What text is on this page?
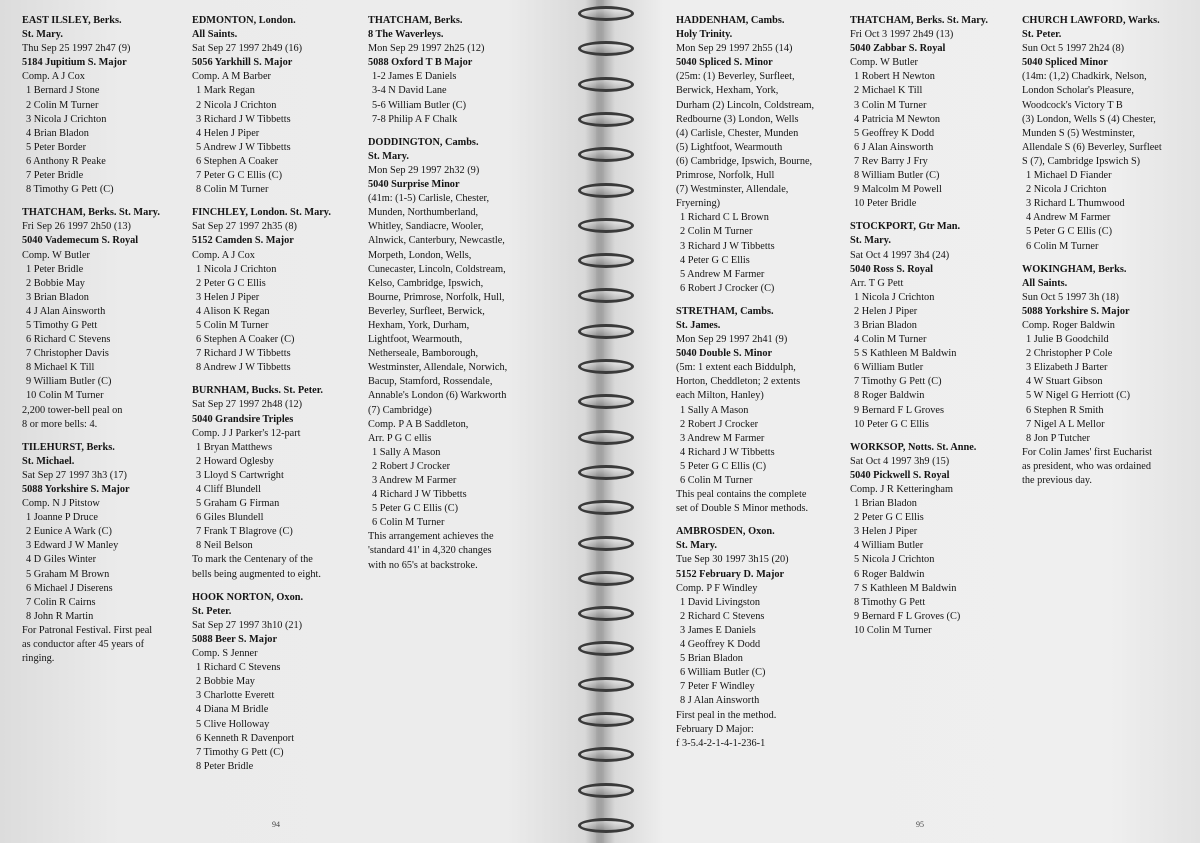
EAST ILSLEY, Berks.
St. Mary.
Thu Sep 25 1997 2h47 (9)
5184 Jupitium S. Major
Comp. A J Cox
1 Bernard J Stone
2 Colin M Turner
3 Nicola J Crichton
4 Brian Bladon
5 Peter Border
6 Anthony R Peake
7 Peter Bridle
8 Timothy G Pett (C)
THATCHAM, Berks. St. Mary.
Fri Sep 26 1997 2h50 (13)
5040 Vademecum S. Royal
Comp. W Butler
1 Peter Bridle
2 Bobbie May
3 Brian Bladon
4 J Alan Ainsworth
5 Timothy G Pett
6 Richard C Stevens
7 Christopher Davis
8 Michael K Till
9 William Butler (C)
10 Colin M Turner
2,200 tower-bell peal on
8 or more bells: 4.
TILEHURST, Berks.
St. Michael.
Sat Sep 27 1997 3h3 (17)
5088 Yorkshire S. Major
Comp. N J Pitstow
1 Joanne P Druce
2 Eunice A Wark (C)
3 Edward J W Manley
4 D Giles Winter
5 Graham M Brown
6 Michael J Diserens
7 Colin R Cairns
8 John R Martin
For Patronal Festival. First peal
as conductor after 45 years of
ringing.
EDMONTON, London.
All Saints.
Sat Sep 27 1997 2h49 (16)
5056 Yarkhill S. Major
Comp. A M Barber
1 Mark Regan
2 Nicola J Crichton
3 Richard J W Tibbetts
4 Helen J Piper
5 Andrew J W Tibbetts
6 Stephen A Coaker
7 Peter G C Ellis (C)
8 Colin M Turner
FINCHLEY, London. St. Mary.
Sat Sep 27 1997 2h35 (8)
5152 Camden S. Major
Comp. A J Cox
1 Nicola J Crichton
2 Peter G C Ellis
3 Helen J Piper
4 Alison K Regan
5 Colin M Turner
6 Stephen A Coaker (C)
7 Richard J W Tibbetts
8 Andrew J W Tibbetts
BURNHAM, Bucks. St. Peter.
Sat Sep 27 1997 2h48 (12)
5040 Grandsire Triples
Comp. J J Parker's 12-part
1 Bryan Matthews
2 Howard Oglesby
3 Lloyd S Cartwright
4 Cliff Blundell
5 Graham G Firman
6 Giles Blundell
7 Frank T Blagrove (C)
8 Neil Belson
To mark the Centenary of the
bells being augmented to eight.
HOOK NORTON, Oxon.
St. Peter.
Sat Sep 27 1997 3h10 (21)
5088 Beer S. Major
Comp. S Jenner
1 Richard C Stevens
2 Bobbie May
3 Charlotte Everett
4 Diana M Bridle
5 Clive Holloway
6 Kenneth R Davenport
7 Timothy G Pett (C)
8 Peter Bridle
THATCHAM, Berks.
8 The Waverleys.
Mon Sep 29 1997 2h25 (12)
5088 Oxford T B Major
1-2 James E Daniels
3-4 N David Lane
5-6 William Butler (C)
7-8 Philip A F Chalk
DODDINGTON, Cambs.
St. Mary.
Mon Sep 29 1997 2h32 (9)
5040 Surprise Minor
(41m: (1-5) Carlisle, Chester,
Munden, Northumberland,
Whitley, Sandiacre, Wooler,
Alnwick, Canterbury, Newcastle,
Morpeth, London, Wells,
Cunecaster, Lincoln, Coldstream,
Kelso, Cambridge, Ipswich,
Bourne, Primrose, Norfolk, Hull,
Beverley, Surfleet, Berwick,
Hexham, York, Durham,
Lightfoot, Wearmouth,
Netherseale, Bamborough,
Westminster, Allendale, Norwich,
Bacup, Stamford, Rossendale,
Annable's London (6) Warkworth
(7) Cambridge)
Comp. P A B Saddleton,
Arr. P G C ellis
1 Sally A Mason
2 Robert J Crocker
3 Andrew M Farmer
4 Richard J W Tibbetts
5 Peter G C Ellis (C)
6 Colin M Turner
This arrangement achieves the
'standard 41' in 4,320 changes
with no 65's at backstroke.
94
HADDENHAM, Cambs.
Holy Trinity.
Mon Sep 29 1997 2h55 (14)
5040 Spliced S. Minor
(25m: (1) Beverley, Surfleet,
Berwick, Hexham, York,
Durham (2) Lincoln, Coldstream,
Redbourne (3) London, Wells
(4) Carlisle, Chester, Munden
(5) Lightfoot, Wearmouth
(6) Cambridge, Ipswich, Bourne,
Primrose, Norfolk, Hull
(7) Westminster, Allendale,
Fryerning)
1 Richard C L Brown
2 Colin M Turner
3 Richard J W Tibbetts
4 Peter G C Ellis
5 Andrew M Farmer
6 Robert J Crocker (C)
STRETHAM, Cambs.
St. James.
Mon Sep 29 1997 2h41 (9)
5040 Double S. Minor
(5m: 1 extent each Biddulph,
Horton, Cheddleton; 2 extents
each Milton, Hanley)
1 Sally A Mason
2 Robert J Crocker
3 Andrew M Farmer
4 Richard J W Tibbetts
5 Peter G C Ellis (C)
6 Colin M Turner
This peal contains the complete
set of Double S Minor methods.
AMBROSDEN, Oxon.
St. Mary.
Tue Sep 30 1997 3h15 (20)
5152 February D. Major
Comp. P F Windley
1 David Livingston
2 Richard C Stevens
3 James E Daniels
4 Geoffrey K Dodd
5 Brian Bladon
6 William Butler (C)
7 Peter F Windley
8 J Alan Ainsworth
First peal in the method.
February D Major:
f 3-5.4-2-1-4-1-236-1
THATCHAM, Berks. St. Mary.
Fri Oct 3 1997 2h49 (13)
5040 Zabbar S. Royal
Comp. W Butler
1 Robert H Newton
2 Michael K Till
3 Colin M Turner
4 Patricia M Newton
5 Geoffrey K Dodd
6 J Alan Ainsworth
7 Rev Barry J Fry
8 William Butler (C)
9 Malcolm M Powell
10 Peter Bridle
STOCKPORT, Gtr Man.
St. Mary.
Sat Oct 4 1997 3h4 (24)
5040 Ross S. Royal
Arr. T G Pett
1 Nicola J Crichton
2 Helen J Piper
3 Brian Bladon
4 Colin M Turner
5 S Kathleen M Baldwin
6 William Butler
7 Timothy G Pett (C)
8 Roger Baldwin
9 Bernard F L Groves
10 Peter G C Ellis
WORKSOP, Notts. St. Anne.
Sat Oct 4 1997 3h9 (15)
5040 Pickwell S. Royal
Comp. J R Ketteringham
1 Brian Bladon
2 Peter G C Ellis
3 Helen J Piper
4 William Butler
5 Nicola J Crichton
6 Roger Baldwin
7 S Kathleen M Baldwin
8 Timothy G Pett
9 Bernard F L Groves (C)
10 Colin M Turner
CHURCH LAWFORD, Warks.
St. Peter.
Sun Oct 5 1997 2h24 (8)
5040 Spliced Minor
(14m: (1,2) Chadkirk, Nelson,
London Scholar's Pleasure,
Woodcock's Victory T B
(3) London, Wells S (4) Chester,
Munden S (5) Westminster,
Allendale S (6) Beverley, Surfleet
S (7), Cambridge Ipswich S)
1 Michael D Fiander
2 Nicola J Crichton
3 Richard L Thumwood
4 Andrew M Farmer
5 Peter G C Ellis (C)
6 Colin M Turner
WOKINGHAM, Berks.
All Saints.
Sun Oct 5 1997 3h (18)
5088 Yorkshire S. Major
Comp. Roger Baldwin
1 Julie B Goodchild
2 Christopher P Cole
3 Elizabeth J Barter
4 W Stuart Gibson
5 W Nigel G Herriott (C)
6 Stephen R Smith
7 Nigel A L Mellor
8 Jon P Tutcher
For Colin James' first Eucharist
as president, who was ordained
the previous day.
95
